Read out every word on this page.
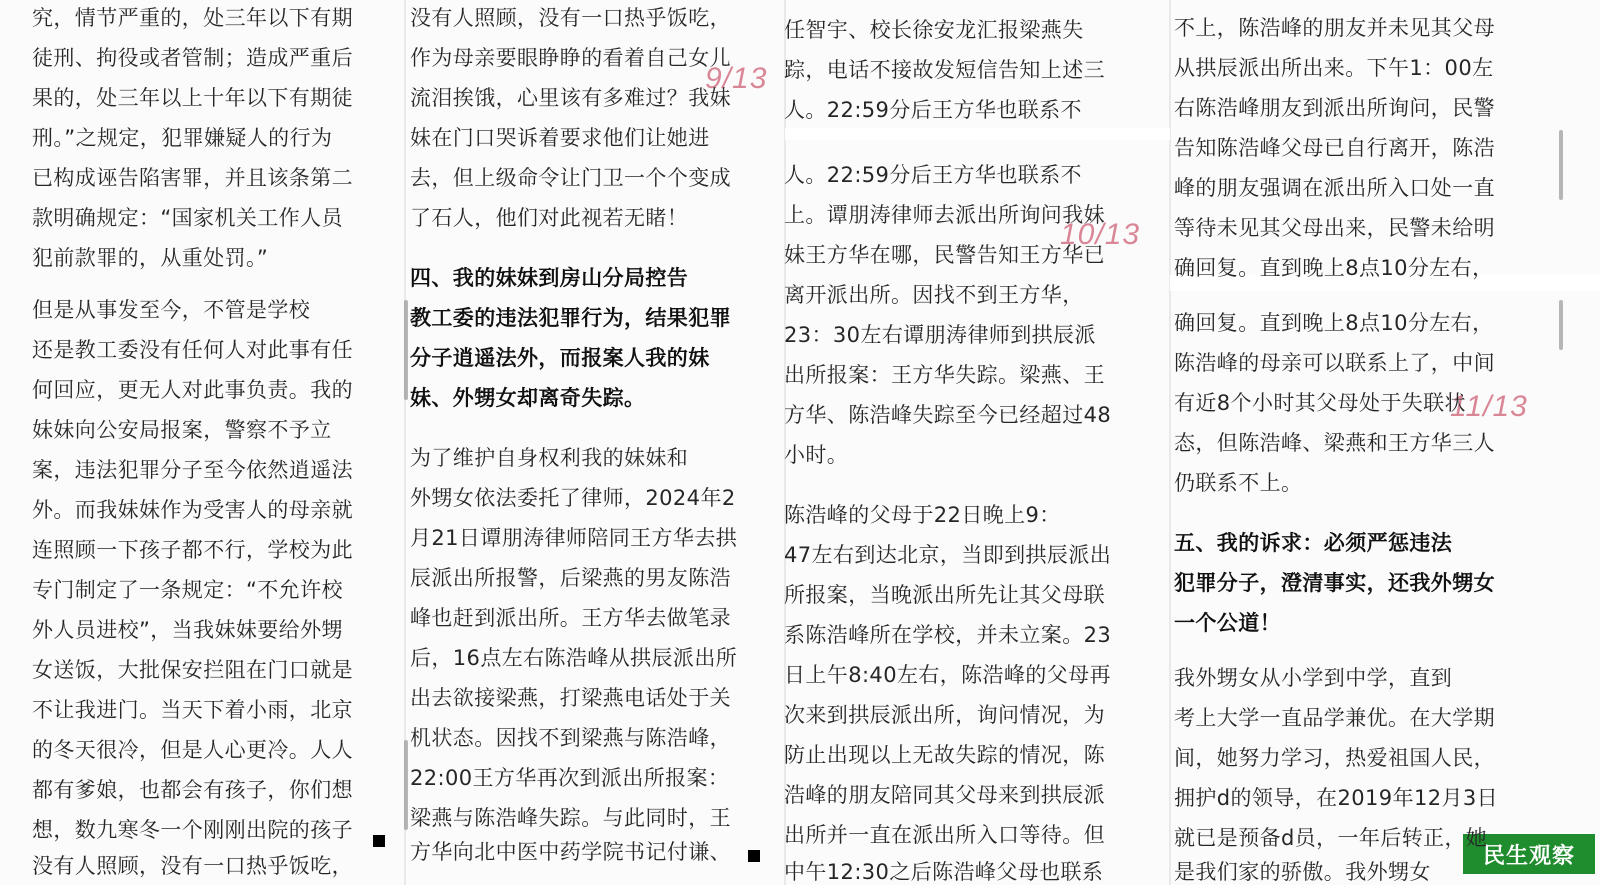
9/13
10/13
11/13
民生观察
究，情节严重的，处三年以下有期
徒刑、拘役或者管制；造成严重后
果的，处三年以上十年以下有期徒
刑。”之规定，犯罪嫌疑人的行为
已构成诬告陷害罪，并且该条第二
款明确规定：“国家机关工作人员
犯前款罪的，从重处罚。”
但是从事发至今，不管是学校
还是教工委没有任何人对此事有任
何回应，更无人对此事负责。我的
妹妹向公安局报案，警察不予立
案，违法犯罪分子至今依然逍遥法
外。而我妹妹作为受害人的母亲就
连照顾一下孩子都不行，学校为此
专门制定了一条规定：“不允许校
外人员进校”，当我妹妹要给外甥
女送饭，大批保安拦阻在门口就是
不让我进门。当天下着小雨，北京
的冬天很冷，但是人心更冷。人人
都有爹娘，也都会有孩子，你们想
想，数九寒冬一个刚刚出院的孩子
没有人照顾，没有一口热乎饭吃，
没有人照顾，没有一口热乎饭吃，
作为母亲要眼睁睁的看着自己女儿
流泪挨饿，心里该有多难过？我妹
妹在门口哭诉着要求他们让她进
去，但上级命令让门卫一个个变成
了石人，他们对此视若无睹！
四、我的妹妹到房山分局控告
教工委的违法犯罪行为，结果犯罪
分子逍遥法外，而报案人我的妹
妹、外甥女却离奇失踪。
为了维护自身权利我的妹妹和
外甥女依法委托了律师，2024年2
月21日谭朋涛律师陪同王方华去拱
辰派出所报警，后梁燕的男友陈浩
峰也赶到派出所。王方华去做笔录
后，16点左右陈浩峰从拱辰派出所
出去欲接梁燕，打梁燕电话处于关
机状态。因找不到梁燕与陈浩峰，
22:00王方华再次到派出所报案：
梁燕与陈浩峰失踪。与此同时，王
方华向北中医中药学院书记付谦、
任智宇、校长徐安龙汇报梁燕失
踪，电话不接故发短信告知上述三
人。22:59分后王方华也联系不
人。22:59分后王方华也联系不
上。谭朋涛律师去派出所询问我妹
妹王方华在哪，民警告知王方华已
离开派出所。因找不到王方华，
23：30左右谭朋涛律师到拱辰派
出所报案：王方华失踪。梁燕、王
方华、陈浩峰失踪至今已经超过48
小时。
陈浩峰的父母于22日晚上9：
47左右到达北京，当即到拱辰派出
所报案，当晚派出所先让其父母联
系陈浩峰所在学校，并未立案。23
日上午8:40左右，陈浩峰的父母再
次来到拱辰派出所，询问情况，为
防止出现以上无故失踪的情况，陈
浩峰的朋友陪同其父母来到拱辰派
出所并一直在派出所入口等待。但
中午12:30之后陈浩峰父母也联系
不上，陈浩峰的朋友并未见其父母
从拱辰派出所出来。下午1：00左
右陈浩峰朋友到派出所询问，民警
告知陈浩峰父母已自行离开，陈浩
峰的朋友强调在派出所入口处一直
等待未见其父母出来，民警未给明
确回复。直到晚上8点10分左右，
确回复。直到晚上8点10分左右，
陈浩峰的母亲可以联系上了，中间
有近8个小时其父母处于失联状
态，但陈浩峰、梁燕和王方华三人
仍联系不上。
五、我的诉求：必须严惩违法
犯罪分子，澄清事实，还我外甥女
一个公道！
我外甥女从小学到中学，直到
考上大学一直品学兼优。在大学期
间，她努力学习，热爱祖国人民，
拥护d的领导，在2019年12月3日
就已是预备d员，一年后转正，她
是我们家的骄傲。我外甥女
